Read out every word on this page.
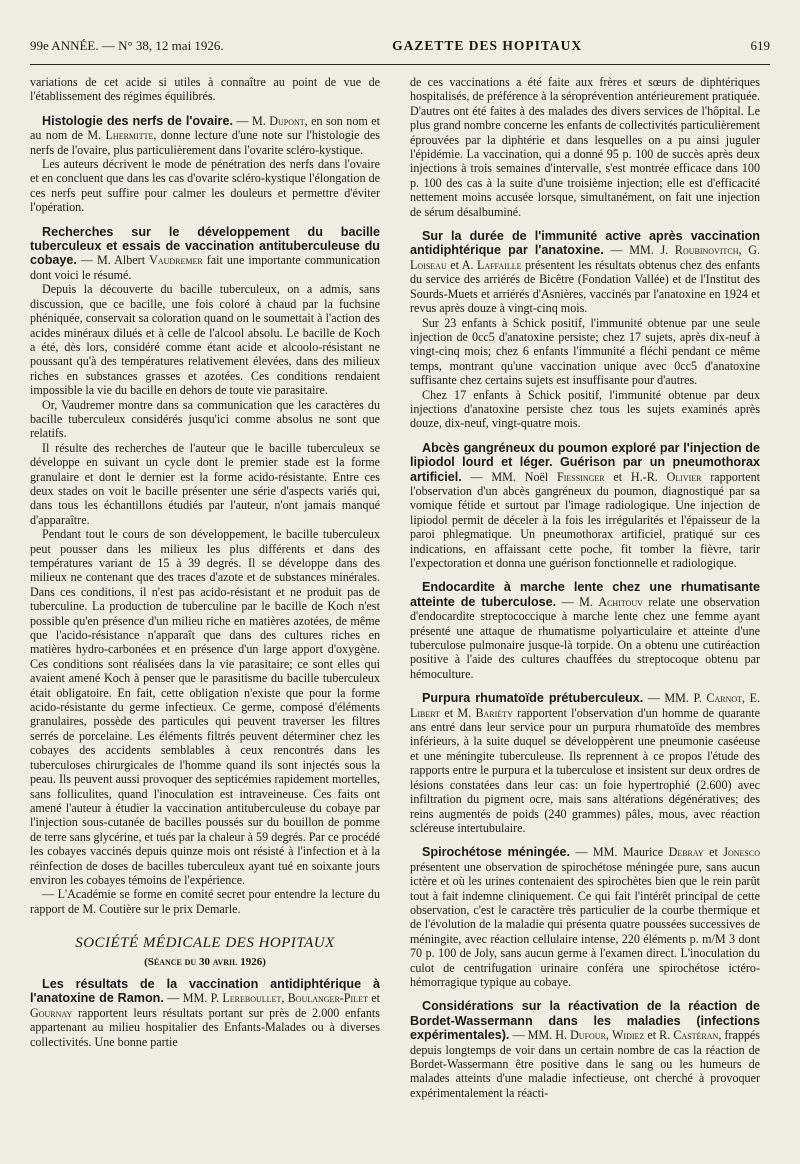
99e ANNÉE. — N° 38, 12 mai 1926.	GAZETTE DES HOPITAUX	619

variations de cet acide si utiles à connaître au point de vue de l'établissement des régimes équilibrés.

Histologie des nerfs de l'ovaire. — M. Dupont, en son nom et au nom de M. Lhermitte, donne lecture d'une note sur l'histologie des nerfs de l'ovaire, plus particulièrement dans l'ovarite scléro-kystique.

Les auteurs décrivent le mode de pénétration des nerfs dans l'ovaire et en concluent que dans les cas d'ovarite scléro-kystique l'élongation de ces nerfs peut suffire pour calmer les douleurs et permettre d'éviter l'opération.

Recherches sur le développement du bacille tuberculeux et essais de vaccination antituberculeuse du cobaye. — M. Albert Vaudremer fait une importante communication dont voici le résumé.

Depuis la découverte du bacille tuberculeux, on a admis, sans discussion, que ce bacille, une fois coloré à chaud par la fuchsine phéniquée, conservait sa coloration quand on le soumettait à l'action des acides minéraux dilués et à celle de l'alcool absolu. Le bacille de Koch a été, dès lors, considéré comme étant acide et alcoolo-résistant ne poussant qu'à des températures relativement élevées, dans des milieux riches en substances grasses et azotées. Ces conditions rendaient impossible la vie du bacille en dehors de toute vie parasitaire.

Or, Vaudremer montre dans sa communication que les caractères du bacille tuberculeux considérés jusqu'ici comme absolus ne sont que relatifs.

Il résulte des recherches de l'auteur que le bacille tuberculeux se développe en suivant un cycle dont le premier stade est la forme granulaire et dont le dernier est la forme acido-résistante. Entre ces deux stades on voit le bacille présenter une série d'aspects variés qui, dans tous les échantillons étudiés par l'auteur, n'ont jamais manqué d'apparaître.

Pendant tout le cours de son développement, le bacille tuberculeux peut pousser dans les milieux les plus différents et dans des températures variant de 15 à 39 degrés. Il se développe dans des milieux ne contenant que des traces d'azote et de substances minérales. Dans ces conditions, il n'est pas acido-résistant et ne produit pas de tuberculine. La production de tuberculine par le bacille de Koch n'est possible qu'en présence d'un milieu riche en matières azotées, de même que l'acido-résistance n'apparaît que dans des cultures riches en matières hydro-carbonées et en présence d'un large apport d'oxygène. Ces conditions sont réalisées dans la vie parasitaire; ce sont elles qui avaient amené Koch à penser que le parasitisme du bacille tuberculeux était obligatoire. En fait, cette obligation n'existe que pour la forme acido-résistante du germe infectieux. Ce germe, composé d'éléments granulaires, possède des particules qui peuvent traverser les filtres serrés de porcelaine. Les éléments filtrés peuvent déterminer chez les cobayes des accidents semblables à ceux rencontrés dans les tuberculoses chirurgicales de l'homme quand ils sont injectés sous la peau. Ils peuvent aussi provoquer des septicémies rapidement mortelles, sans folliculites, quand l'inoculation est intraveineuse. Ces faits ont amené l'auteur à étudier la vaccination antituberculeuse du cobaye par l'injection sous-cutanée de bacilles poussés sur du bouillon de pomme de terre sans glycérine, et tués par la chaleur à 59 degrés. Par ce procédé les cobayes vaccinés depuis quinze mois ont résisté à l'infection et à la réinfection de doses de bacilles tuberculeux ayant tué en soixante jours environ les cobayes témoins de l'expérience.

— L'Académie se forme en comité secret pour entendre la lecture du rapport de M. Coutière sur le prix Demarle.

SOCIÉTÉ MÉDICALE DES HOPITAUX
(Séance du 30 avril 1926)

Les résultats de la vaccination antidiphtérique à l'anatoxine de Ramon. — MM. P. Lereboullet, Boulanger-Pilet et Gournay rapportent leurs résultats portant sur près de 2.000 enfants appartenant au milieu hospitalier des Enfants-Malades ou à diverses collectivités. Une bonne partie

de ces vaccinations a été faite aux frères et sœurs de diphtériques hospitalisés, de préférence à la séroprévention antérieurement pratiquée. D'autres ont été faites à des malades des divers services de l'hôpital. Le plus grand nombre concerne les enfants de collectivités particulièrement éprouvées par la diphtérie et dans lesquelles on a pu ainsi juguler l'épidémie. La vaccination, qui a donné 95 p. 100 de succès après deux injections à trois semaines d'intervalle, s'est montrée efficace dans 100 p. 100 des cas à la suite d'une troisième injection; elle est d'efficacité nettement moins accusée lorsque, simultanément, on fait une injection de sérum désalbuminé.

Sur la durée de l'immunité active après vaccination antidiphtérique par l'anatoxine. — MM. J. Roubinovitch, G. Loiseau et A. Laffaille présentent les résultats obtenus chez des enfants du service des arriérés de Bicêtre (Fondation Vallée) et de l'Institut des Sourds-Muets et arriérés d'Asnières, vaccinés par l'anatoxine en 1924 et revus après douze à vingt-cinq mois.

Sur 23 enfants à Schick positif, l'immunité obtenue par une seule injection de 0cc5 d'anatoxine persiste; chez 17 sujets, après dix-neuf à vingt-cinq mois; chez 6 enfants l'immunité a fléchi pendant ce même temps, montrant qu'une vaccination unique avec 0cc5 d'anatoxine suffisante chez certains sujets est insuffisante pour d'autres.

Chez 17 enfants à Schick positif, l'immunité obtenue par deux injections d'anatoxine persiste chez tous les sujets examinés après douze, dix-neuf, vingt-quatre mois.

Abcès gangréneux du poumon exploré par l'injection de lipiodol lourd et léger. Guérison par un pneumothorax artificiel. — MM. Noël Fiessinger et H.-R. Olivier rapportent l'observation d'un abcès gangréneux du poumon, diagnostiqué par sa vomique fétide et surtout par l'image radiologique. Une injection de lipiodol permit de déceler à la fois les irrégularités et l'épaisseur de la paroi phlegmatique. Un pneumothorax artificiel, pratiqué sur ces indications, en affaissant cette poche, fit tomber la fièvre, tarir l'expectoration et donna une guérison fonctionnelle et radiologique.

Endocardite à marche lente chez une rhumatisante atteinte de tuberculose. — M. Achitouv relate une observation d'endocardite streptococcique à marche lente chez une femme ayant présenté une attaque de rhumatisme polyarticulaire et atteinte d'une tuberculose pulmonaire jusque-là torpide. On a obtenu une cutiréaction positive à l'aide des cultures chauffées du streptocoque obtenu par hémoculture.

Purpura rhumatoïde prétuberculeux. — MM. P. Carnot, E. Libert et M. Bariéty rapportent l'observation d'un homme de quarante ans entré dans leur service pour un purpura rhumatoïde des membres inférieurs, à la suite duquel se développèrent une pneumonie caséeuse et une méningite tuberculeuse. Ils reprennent à ce propos l'étude des rapports entre le purpura et la tuberculose et insistent sur deux ordres de lésions constatées dans leur cas: un foie hypertrophié (2.600) avec infiltration du pigment ocre, mais sans altérations dégénératives; des reins augmentés de poids (240 grammes) pâles, mous, avec réaction scléreuse intertubulaire.

Spirochétose méningée. — MM. Maurice Debray et Jonesco présentent une observation de spirochétose méningée pure, sans aucun ictère et où les urines contenaient des spirochètes bien que le rein parût tout à fait indemne cliniquement. Ce qui fait l'intérêt principal de cette observation, c'est le caractère très particulier de la courbe thermique et de l'évolution de la maladie qui présenta quatre poussées successives de méningite, avec réaction cellulaire intense, 220 éléments p. m/M 3 dont 70 p. 100 de Joly, sans aucun germe à l'examen direct. L'inoculation du culot de centrifugation urinaire conféra une spirochétose ictéro-hémorragique typique au cobaye.

Considérations sur la réactivation de la réaction de Bordet-Wassermann dans les maladies (infections expérimentales). — MM. H. Dufour, Widiez et R. Castéran, frappés depuis longtemps de voir dans un certain nombre de cas la réaction de Bordet-Wassermann être positive dans le sang ou les humeurs de malades atteints d'une maladie infectieuse, ont cherché à provoquer expérimentalement la réacti-
